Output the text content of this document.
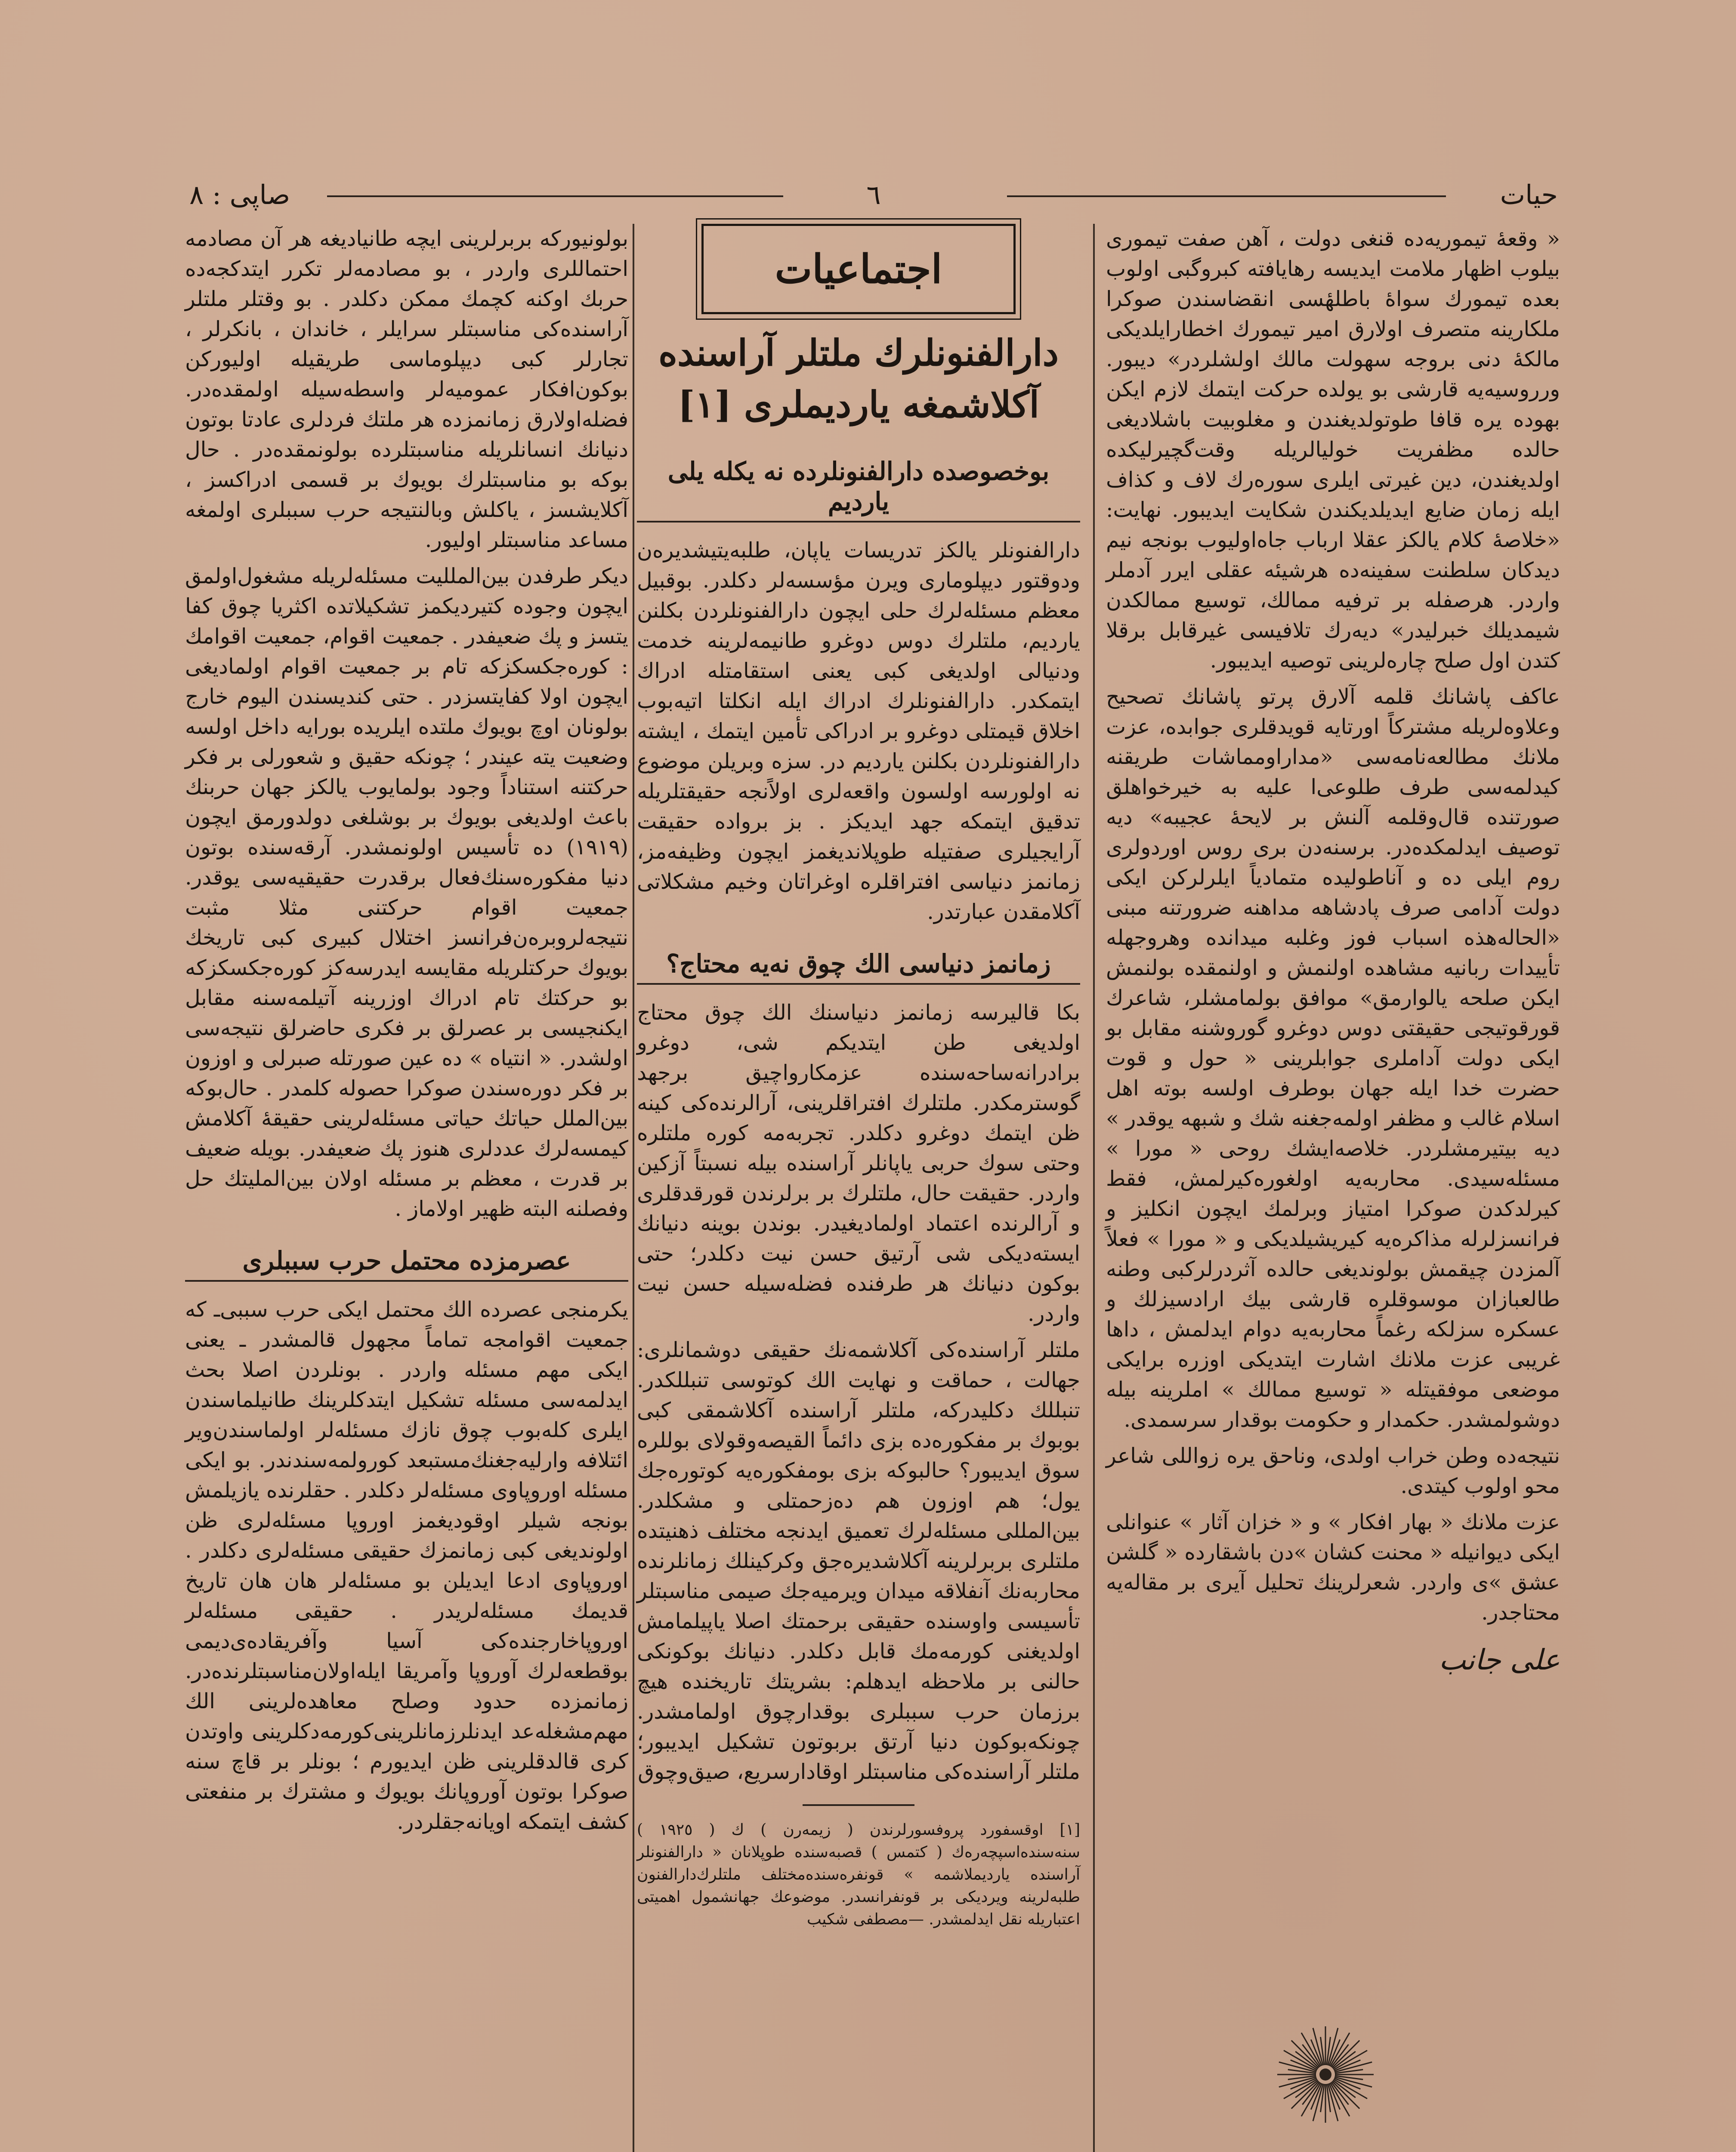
حیات
٦
صاپی : ٨

« وقعهٔ تیموریه‌ده قنغی دولت ، آهن صفت تیموری بیلوب اظهار ملامت ایدیسه رهایافته کبروگبی اولوب بعده تیمورك سواهٔ باطلهٔسی انقضاسندن صوکرا ملکارینه متصرف اولارق امیر تیمورك اخطارایلدیکی مالکهٔ دنی بروجه سهولت مالك اولشلردر» دیبور. ورروسیه‌یه قارشی بو یولده حرکت ایتمك لازم ایکن بهوده یره قافا طوتولدیغندن و مغلوبیت باشلادیغی حالده مظفریت خولیالریله وقت‌گچیرلیکده اولدیغندن، دین غیرتی ایلری سوره‌رك لاف و کذاف ایله زمان ضایع ایدیلدیکندن شکایت ایدیبور. نهایت: «خلاصهٔ کلام یالکز عقلا ارباب جاه‌اولیوب بونجه نیم دیدکان سلطنت سفینه‌ده هرشیئه عقلی ایرر آدملر واردر. هرصفله بر ترفیه ممالك، توسیع ممالکدن شیمدیلك خبرلیدر» دیه‌رك تلافیسی غیرقابل برقلا کتدن اول صلح چاره‌لرینی توصیه ایدیبور.

عاکف پاشانك قلمه آلارق پرتو پاشانك تصحیح وعلاوه‌لریله مشترکاً اورتایه قویدقلری جوابده، عزت ملانك مطالعه‌نامه‌سی «مداراومماشات طریقنه کیدلمه‌سی طرف طلوعی‌ا علیه به خیرخواهلق صورتنده قال‌وقلمه آلنش بر لایحهٔ عجیبه» دیه توصیف ایدلمکده‌در. برسنه‌دن بری روس اوردولری روم ایلی ده و آناطولیده متمادیاً ایلرلرکن ایکی دولت آدامی صرف پادشاهه مداهنه ضرورتنه مبنی «الحاله‌هذه اسباب فوز وغلبه میدانده وهروجهله تأییدات ربانیه مشاهده اولنمش و اولنمقده بولنمش ایکن صلحه یالوارمق» موافق بولمامشلر، شاعرك قورقوتیجی حقیقتی دوس دوغرو گوروشنه مقابل بو ایکی دولت آداملری جوابلرینی « حول و قوت حضرت خدا ایله جهان بوطرف اولسه بوته اهل اسلام غالب و مظفر اولمه‌جغنه شك و شبهه یوقدر » دیه بیتیرمشلردر. خلاصه‌ایشك روحی « مورا » مسئله‌سیدی. محاربه‌یه اولغوره‌کیرلمش، فقط کیرلدکدن صوکرا امتیاز وبرلمك ایچون انکلیز و فرانسزلرله مذاکره‌یه کیریشیلدیکی و « مورا » فعلاً آلمزدن چیقمش بولوندیغی حالده آثردرلرکبی وطنه طالعبازان موسوقلره قارشی بیك ارادسیزلك و عسکره سزلکه رغماً محاربه‌یه دوام ایدلمش ، داها غریبی عزت ملانك اشارت ایتدیکی اوزره برایکی موضعی موفقیتله « توسیع ممالك » املرینه بیله دوشولمشدر. حکمدار و حکومت بوقدار سرسمدی.

نتیجه‌ده وطن خراب اولدی، وناحق یره زواللی شاعر محو اولوب کیتدی.

عزت ملانك « بهار افکار » و « خزان آثار » عنوانلی ایکی دیوانیله « محنت کشان »دن باشقا‌رده « گلشن عشق »ی واردر. شعرلرینك تحلیل آیری بر مقاله‌یه محتاجدر.

علی جانب

اجتماعیات

دارالفنونلرك ملتلر آراسنده آکلاشمغه یاردیملری [١]

بوخصوصده دارالفنونلرده نه یکله یلی یاردیم

دارالفنونلر یالکز تدریسات یاپان، طلبه‌یتیشدیره‌ن ودوقتور دیپلوماری ویرن مؤسسه‌لر دکلدر. بوقبیل معظم مسئله‌لرك حلی ایچون دارالفنونلردن بکلنن یاردیم، ملتلرك دوس دوغرو طانیمه‌لرینه خدمت ودنیالی اولدیغی کبی یعنی استقامتله ادراك ایتمکدر. دارالفنونلرك ادراك ایله انکلتا اتیه‌بوب اخلاق قیمتلی دوغرو بر ادراکی تأمین ایتمك ، ایشته دارالفنونلردن بکلنن یاردیم در. سزه وبریلن موضوع نه اولورسه اولسون واقعه‌لری اولاً‌نجه حقیقتلریله تدقیق ایتمکه جهد ایدیکز . بز برواده حقیقت آرایجیلری صفتیله طوپلاندیغمز ایچون وظیفه‌مز، زمانمز دنیاسی افتراقلره اوغراتان وخیم مشکلاتی آکلامقدن عبارتدر.

زمانمز دنیاسی الك چوق نه‌یه محتاج؟

بکا قالیرسه زمانمز دنیاسنك الك چوق محتاج اولدیغی طن ایتدیکم شی، دوغرو برادرانه‌ساحه‌سنده عزمکارواچیق برجهد گوسترمکدر. ملتلرك افتراقلرینی، آرالرنده‌کی کینه ظن ایتمك دوغرو دکلدر. تجربه‌مه کوره ملتلره وحتی سوك حربی یاپانلر آراسنده بیله نسبتاً آزکین واردر. حقیقت حال، ملتلرك بر برلرندن قورقدقلری و آرالرنده اعتماد اولمادیغیدر. بوندن بوینه دنیانك ایسته‌دیکی شی آرتیق حسن نیت دکلدر؛ حتی بوکون دنیانك هر طرفنده فضله‌سیله حسن نیت واردر.

ملتلر آراسنده‌کی آکلاشمه‌نك حقیقی دوشمانلری: جهالت ، حماقت و نهایت الك کوتوسی تنبللکدر. تنبللك دکلیدرکه، ملتلر آراسنده آکلاشمقی کبی بوبوك بر مفکوره‌ده بزی دائماً القیصه‌وقولای بوللره سوق ایدیبور؟ حالبوکه بزی بومفکوره‌یه کوتوره‌جك یول؛ هم اوزون هم ده‌زحمتلی و مشکلدر. بین‌المللی مسئله‌لرك تعمیق ایدنجه مختلف ذهنیتده ملتلری بربرلرینه آکلاشدیره‌جق وکرکینلك زمانلرنده محاربه‌نك آنفلاقه میدان ویرمیه‌جك صیمی مناسبتلر تأسیسی واوسنده حقیقی برحمتك اصلا یاپیلمامش اولدیغنی کورمه‌مك قابل دکلدر. دنیانك بوکونکی حالنی بر ملاحظه ایدهلم: بشریتك تاریخنده هیچ برزمان حرب سببلری بوقدارچوق اولمامشدر. چونکه‌بوکون دنیا آرتق بربوتون تشکیل ایدیبور؛ ملتلر آراسنده‌کی مناسبتلر اوقادارسریع، صیق‌وچوق

[١] اوقسفورد پروفسورلرندن ( زیمه‌رن ) ك ( ١٩٢٥ ) سنه‌سنده‌اسپچه‌ره‌ك ( کتمس ) قصبه‌سنده طوپلانان « دارالفنونلر آراسنده یاردیملاشمه » قونفره‌سنده‌مختلف ملتلرك‌دارالفنون طلبه‌لرینه ویردیکی بر قونفرانسدر. موضوعك جهانشمول اهمیتی اعتباریله نقل ایدلمشدر. —مصطفی شکیب

بولونیورکه بربرلرینی ایچه طانیادیغه هر آن مصادمه احتماللری واردر ، بو مصادمه‌لر تکرر ایتدکجه‌ده حربك اوکنه کچمك ممکن دکلدر . بو وقتلر ملتلر آراسنده‌کی مناسبتلر سرایلر ، خاندان ، بانکرلر ، تجارلر کبی دیپلوماسی طریقیله اولیورکن بوکون‌افکار عمومیه‌لر واسطه‌سیله اولمقده‌در. فضله‌اولارق زمانمزده هر ملتك فردلری عادتا بوتون دنیانك انسانلریله مناسبتلرده بولونمقده‌در . حال بوکه بو مناسبتلرك بویوك بر قسمی ادراکسز ، آکلایشسز ، یاکلش وبالنتیجه حرب سببلری اولمغه مساعد مناسبتلر اولیور.

دیکر طرفدن بین‌المللیت مسئله‌لریله مشغول‌اولمق ایچون وجوده کتیردیکمز تشکیلاتده اکثریا چوق کفا یتسز و پك ضعیفدر . جمعیت اقوام، جمعیت اقوامك : کوره‌جکسکزکه تام بر جمعیت اقوام اولمادیغی ایچون اولا کفایتسزدر . حتی کندیسندن الیوم خارج بولونان اوچ بویوك ملتده ایلریده بورایه داخل اولسه وضعیت یته عیندر ؛ چونکه حقیق و شعورلی بر فکر حرکتنه استناداً وجود بولمایوب یالکز جهان حربنك باعث اولدیغی بویوك بر بوشلغی دولدورمق ایچون (١٩١٩) ده تأسیس اولونمشدر. آرقه‌سنده بوتون دنیا مفکوره‌سنك‌فعال برقدرت حقیقیه‌سی یوقدر. جمعیت اقوام حرکتنی مثلا مثبت نتیجه‌لروبره‌ن‌فرانسز اختلال کبیری کبی تاریخك بویوك حرکتلریله مقایسه ایدرسه‌کز کوره‌جکسکزکه بو حرکتك تام ادراك اوزرینه آتیلمه‌سنه مقابل ایکنجیسی بر عصرلق بر فکری حاضرلق نتیجه‌سی اولشدر. « انتیاه » ده عین صورتله صبرلی و اوزون بر فکر دوره‌سندن صوکرا حصوله کلمدر . حال‌بوکه بین‌الملل حیاتك حیاتی مسئله‌لرینی حقیقهٔ آکلامش کیمسه‌لرك عددلری هنوز پك ضعیفدر. بویله ضعیف بر قدرت ، معظم بر مسئله اولان بین‌الملیتك حل وفصلنه البته ظهیر اولاماز .

عصرمزده محتمل حرب سببلری

یکرمنجی عصرده الك محتمل ایکی حرب سببی‌ـ که جمعیت اقوامجه تماماً مجهول قالمشدر ـ یعنی ایکی مهم مسئله واردر . بونلردن اصلا بحث ایدلمه‌سی مسئله تشکیل ایتدکلرینك طانیلماسندن ایلری کله‌بوب چوق نازك مسئله‌لر اولماسندن‌ویر ائتلافه وارلیه‌جغنك‌مستبعد کورولمه‌سندندر. بو ایکی مسئله اوروپاوی مسئله‌لر دکلدر . حقلرنده یازیلمش بونجه شیلر اوقودیغمز اوروپا مسئله‌لری ظن اولوندیغی کبی زمانمزك حقیقی مسئله‌لری دکلدر . اوروپاوی ادعا ایدیلن بو مسئله‌لر هان هان تاریخ قدیمك مسئله‌لریدر . حقیقی مسئله‌لر اوروپاخارجنده‌کی آسیا وآفریقاده‌ی‌دیمی بوقطعه‌لرك آوروپا وآمریقا ایله‌اولان‌مناسبتلرنده‌در. زمانمزده حدود وصلح معاهده‌لرینی الك مهم‌مشغله‌عد ایدنلر‌زمانلرینی‌کورمه‌دکلرینی واوتدن کری قالدقلرینی ظن ایدیورم ؛ بونلر بر قاچ سنه صوکرا بوتون آوروپانك بویوك و مشترك بر منفعتی کشف ایتمکه اویانه‌جقلردر.
